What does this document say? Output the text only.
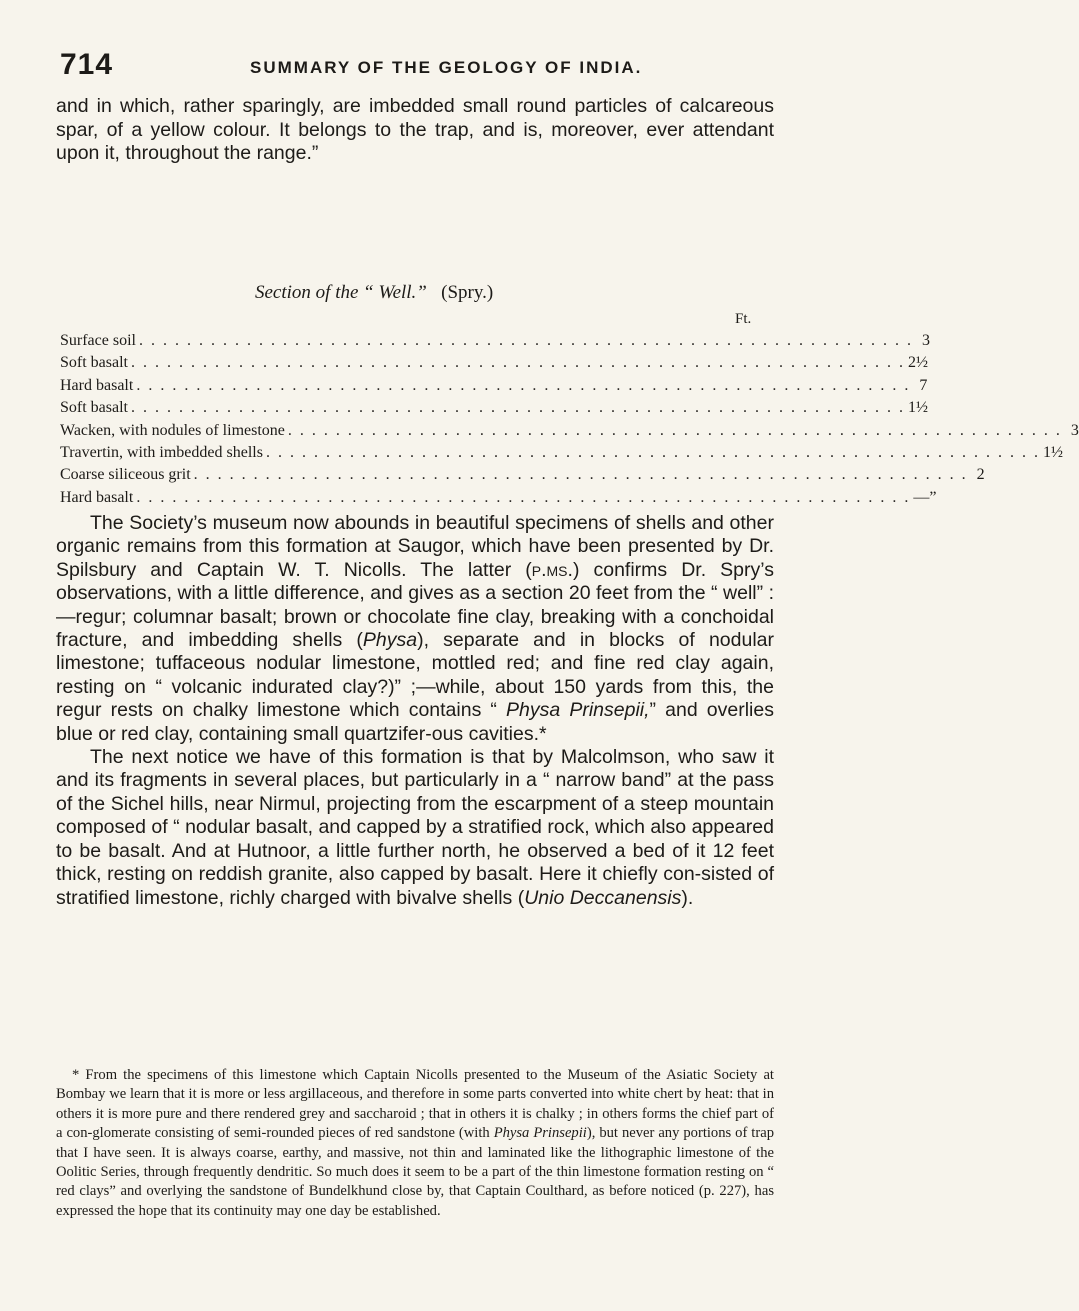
714	SUMMARY OF THE GEOLOGY OF INDIA.
and in which, rather sparingly, are imbedded small round particles of calcareous spar, of a yellow colour. It belongs to the trap, and is, moreover, ever attendant upon it, throughout the range.”
Section of the “ Well.” (Spry.)
Ft.
Surface soil . . . . . . . . . . . . . . . . . . . . . . . . . . . . . . . . . . . . . . . . . . . . . . . . . . . . . . . . . . . . . . . . . 3
Soft basalt . . . . . . . . . . . . . . . . . . . . . . . . . . . . . . . . . . . . . . . . . . . . . . . . . . . . . . . . . . . . . . . . . 2½
Hard basalt . . . . . . . . . . . . . . . . . . . . . . . . . . . . . . . . . . . . . . . . . . . . . . . . . . . . . . . . . . . . . . . . . 7
Soft basalt . . . . . . . . . . . . . . . . . . . . . . . . . . . . . . . . . . . . . . . . . . . . . . . . . . . . . . . . . . . . . . . . . 1½
Wacken, with nodules of limestone . . . . . . . . . . . . . . . . . . . . . . . . . . . . . . . . . . . . . . . . . . . . . . . . . . . . . . . . . . . . . . . . . 3
Travertin, with imbedded shells . . . . . . . . . . . . . . . . . . . . . . . . . . . . . . . . . . . . . . . . . . . . . . . . . . . . . . . . . . . . . . . . . 1½
Coarse siliceous grit . . . . . . . . . . . . . . . . . . . . . . . . . . . . . . . . . . . . . . . . . . . . . . . . . . . . . . . . . . . . . . . . . 2
Hard basalt . . . . . . . . . . . . . . . . . . . . . . . . . . . . . . . . . . . . . . . . . . . . . . . . . . . . . . . . . . . . . . . . . —”

The Society’s museum now abounds in beautiful specimens of shells and other organic remains from this formation at Saugor, which have been presented by Dr. Spilsbury and Captain W. T. Nicolls. The latter (p.ms.) confirms Dr. Spry’s observations, with a little difference, and gives as a section 20 feet from the “ well” :—regur; columnar basalt; brown or chocolate fine clay, breaking with a conchoidal fracture, and imbedding shells (Physa), separate and in blocks of nodular limestone; tuffaceous nodular limestone, mottled red; and fine red clay again, resting on “ volcanic indurated clay?)” ;—while, about 150 yards from this, the regur rests on chalky limestone which contains “ Physa Prinsepii,” and overlies blue or red clay, containing small quartzifer-ous cavities.*

The next notice we have of this formation is that by Malcolmson, who saw it and its fragments in several places, but particularly in a “ narrow band” at the pass of the Sichel hills, near Nirmul, projecting from the escarpment of a steep mountain composed of “ nodular basalt, and capped by a stratified rock, which also appeared to be basalt. And at Hutnoor, a little further north, he observed a bed of it 12 feet thick, resting on reddish granite, also capped by basalt. Here it chiefly con-sisted of stratified limestone, richly charged with bivalve shells (Unio Deccanensis).

* From the specimens of this limestone which Captain Nicolls presented to the Museum of the Asiatic Society at Bombay we learn that it is more or less argillaceous, and therefore in some parts converted into white chert by heat: that in others it is more pure and there rendered grey and saccharoid ; that in others it is chalky ; in others forms the chief part of a con-glomerate consisting of semi-rounded pieces of red sandstone (with Physa Prinsepii), but never any portions of trap that I have seen. It is always coarse, earthy, and massive, not thin and laminated like the lithographic limestone of the Oolitic Series, through frequently dendritic. So much does it seem to be a part of the thin limestone formation resting on “ red clays” and overlying the sandstone of Bundelkhund close by, that Captain Coulthard, as before noticed (p. 227), has expressed the hope that its continuity may one day be established.
